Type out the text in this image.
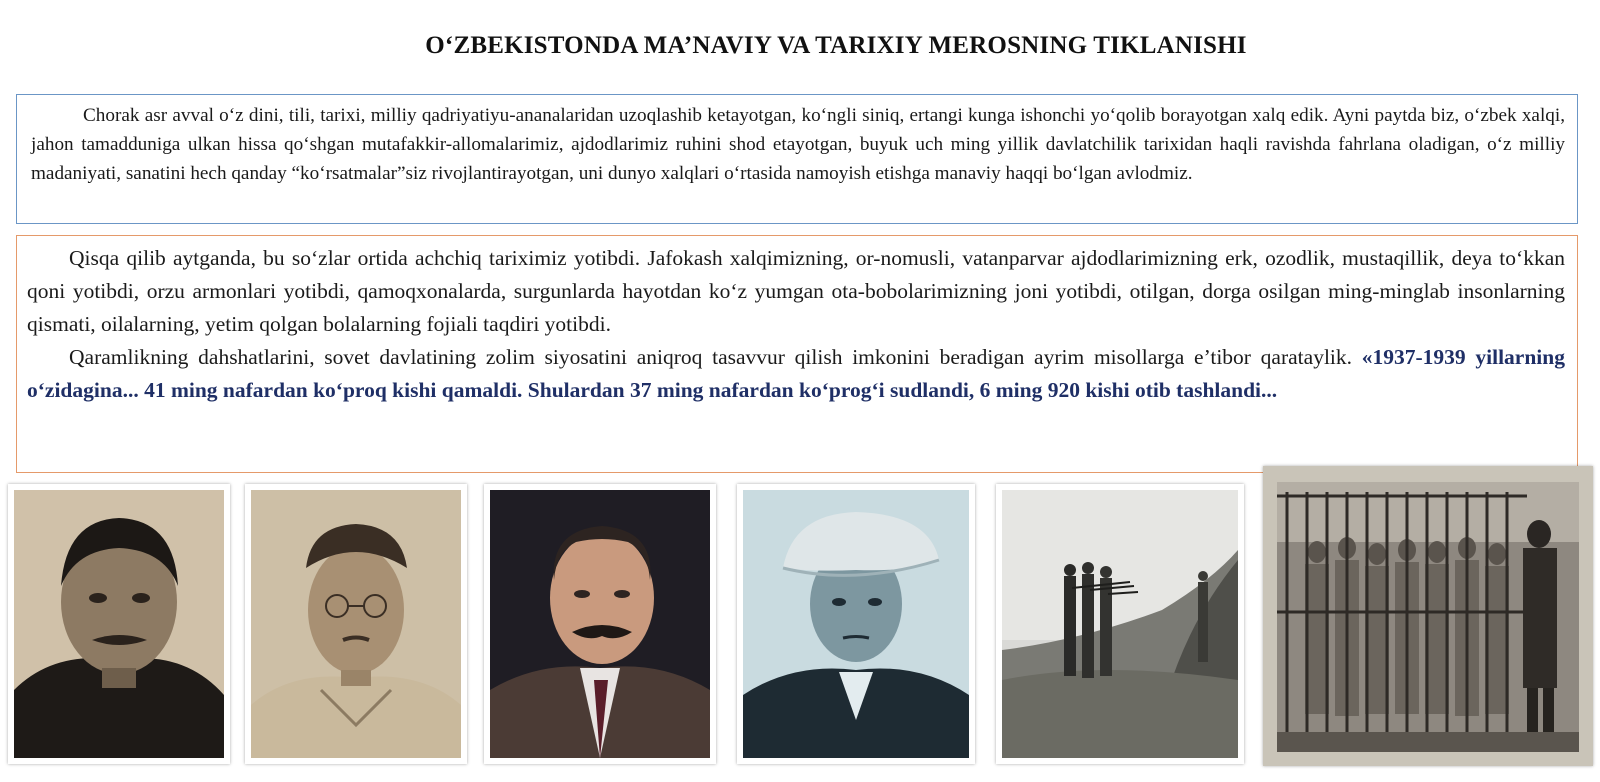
O‘ZBEKISTONDA MA’NAVIY VA TARIXIY MEROSNING TIKLANISHI

Chorak asr avval o‘z dini, tili, tarixi, milliy qadriyatiyu-ananalaridan uzoqlashib ketayotgan, ko‘ngli siniq, ertangi kunga ishonchi yo‘qolib borayotgan xalq edik. Ayni paytda biz, o‘zbek xalqi, jahon tamadduniga ulkan hissa qo‘shgan mutafakkir-allomalarimiz, ajdodlarimiz ruhini shod etayotgan, buyuk uch ming yillik davlatchilik tarixidan haqli ravishda fahrlana oladigan, o‘z milliy madaniyati, sanatini hech qanday “ko‘rsatmalar”siz rivojlantirayotgan, uni dunyo xalqlari o‘rtasida namoyish etishga manaviy haqqi bo‘lgan avlodmiz.

Qisqa qilib aytganda, bu so‘zlar ortida achchiq tariximiz yotibdi. Jafokash xalqimizning, or-nomusli, vatanparvar ajdodlarimizning erk, ozodlik, mustaqillik, deya to‘kkan qoni yotibdi, orzu armonlari yotibdi, qamoqxonalarda, surgunlarda hayotdan ko‘z yumgan ota-bobolarimizning joni yotibdi, otilgan, dorga osilgan ming-minglab insonlarning qismati, oilalarning, yetim qolgan bolalarning fojiali taqdiri yotibdi.

Qaramlikning dahshatlarini, sovet davlatining zolim siyosatini aniqroq tasavvur qilish imkonini beradigan ayrim misollarga e’tibor qarataylik. «1937-1939 yillarning o‘zidagina... 41 ming nafardan ko‘proq kishi qamaldi. Shulardan 37 ming nafardan ko‘prog‘i sudlandi, 6 ming 920 kishi otib tashlandi...
